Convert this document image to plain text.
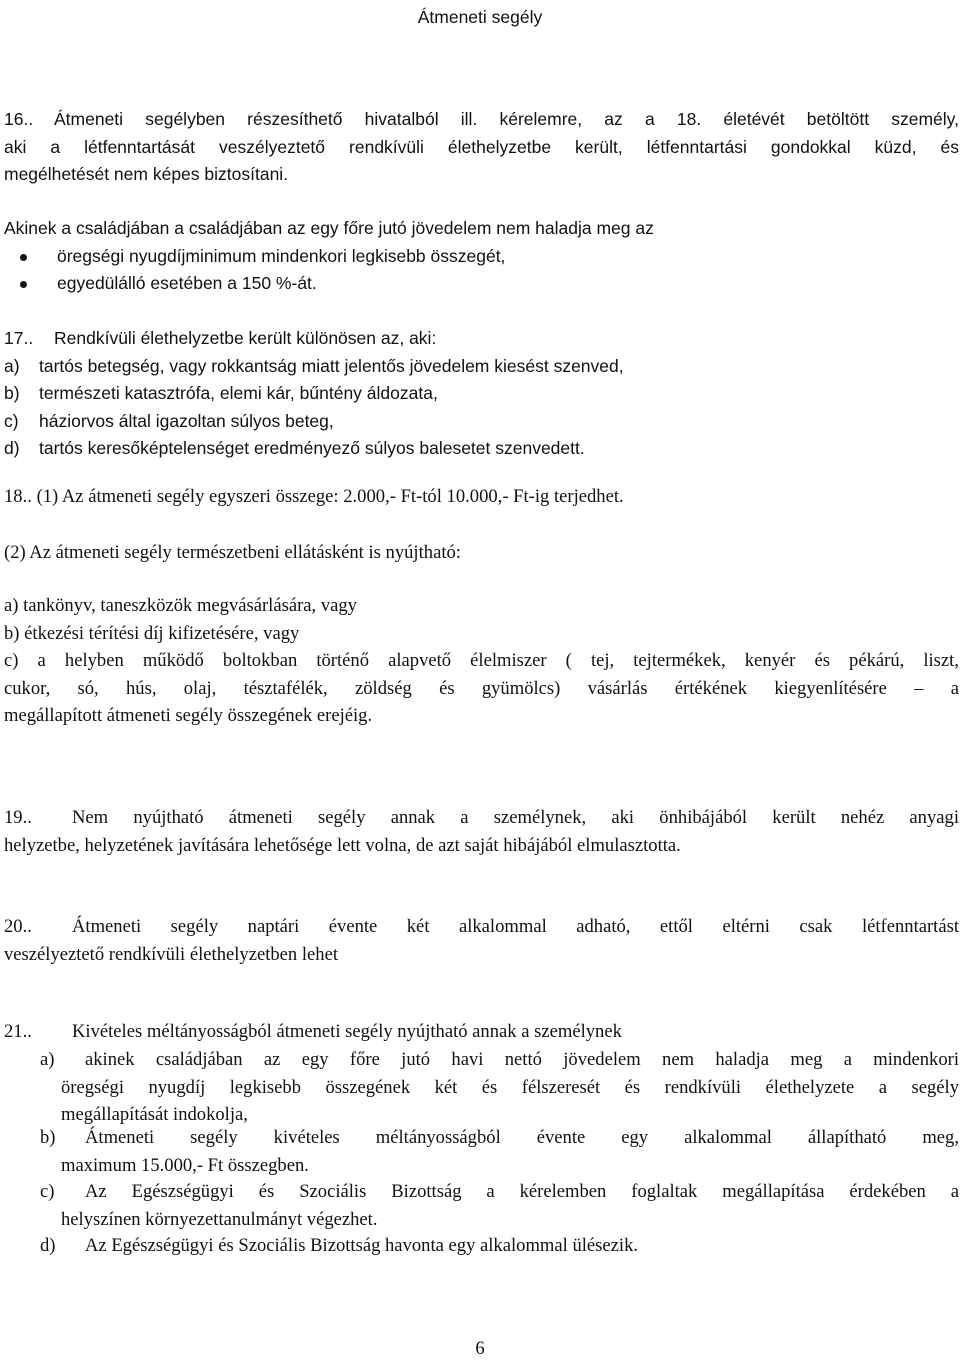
Átmeneti segély
16.. Átmeneti segélyben részesíthető hivatalból ill. kérelemre, az a 18. életévét betöltött személy,
aki a létfenntartását veszélyeztető rendkívüli élethelyzetbe került, létfenntartási gondokkal küzd, és
megélhetését nem képes biztosítani.
Akinek a családjában a családjában az egy főre jutó jövedelem nem haladja meg az
öregségi nyugdíjminimum mindenkori legkisebb összegét,
egyedülálló esetében a 150 %-át.
17.. Rendkívüli élethelyzetbe került különösen az, aki:
a) tartós betegség, vagy rokkantság miatt jelentős jövedelem kiesést szenved,
b) természeti katasztrófa, elemi kár, bűntény áldozata,
c) háziorvos által igazoltan súlyos beteg,
d) tartós keresőképtelenséget eredményező súlyos balesetet szenvedett.
18.. (1) Az átmeneti segély egyszeri összege: 2.000,- Ft-tól 10.000,- Ft-ig terjedhet.
(2) Az átmeneti segély természetbeni ellátásként is nyújtható:
a) tankönyv, taneszközök megvásárlására, vagy
b) étkezési térítési díj kifizetésére, vagy
c) a helyben működő boltokban történő alapvető élelmiszer ( tej, tejtermékek, kenyér és pékárú, liszt,
cukor, só, hús, olaj, tésztafélék, zöldség és gyümölcs) vásárlás értékének kiegyenlítésére – a
megállapított átmeneti segély összegének erejéig.
19.. Nem nyújtható átmeneti segély annak a személynek, aki önhibájából került nehéz anyagi
helyzetbe, helyzetének javítására lehetősége lett volna, de azt saját hibájából elmulasztotta.
20.. Átmeneti segély naptári évente két alkalommal adható, ettől eltérni csak létfenntartást
veszélyeztető rendkívüli élethelyzetben lehet
21.. Kivételes méltányosságból átmeneti segély nyújtható annak a személynek
a) akinek családjában az egy főre jutó havi nettó jövedelem nem haladja meg a mindenkori
öregségi nyugdíj legkisebb összegének két és félszeresét és rendkívüli élethelyzete a segély
megállapítását indokolja,
b) Átmeneti segély kivételes méltányosságból évente egy alkalommal állapítható meg,
maximum 15.000,- Ft összegben.
c) Az Egészségügyi és Szociális Bizottság a kérelemben foglaltak megállapítása érdekében a
helyszínen környezettanulmányt végezhet.
d) Az Egészségügyi és Szociális Bizottság havonta egy alkalommal ülésezik.
6
